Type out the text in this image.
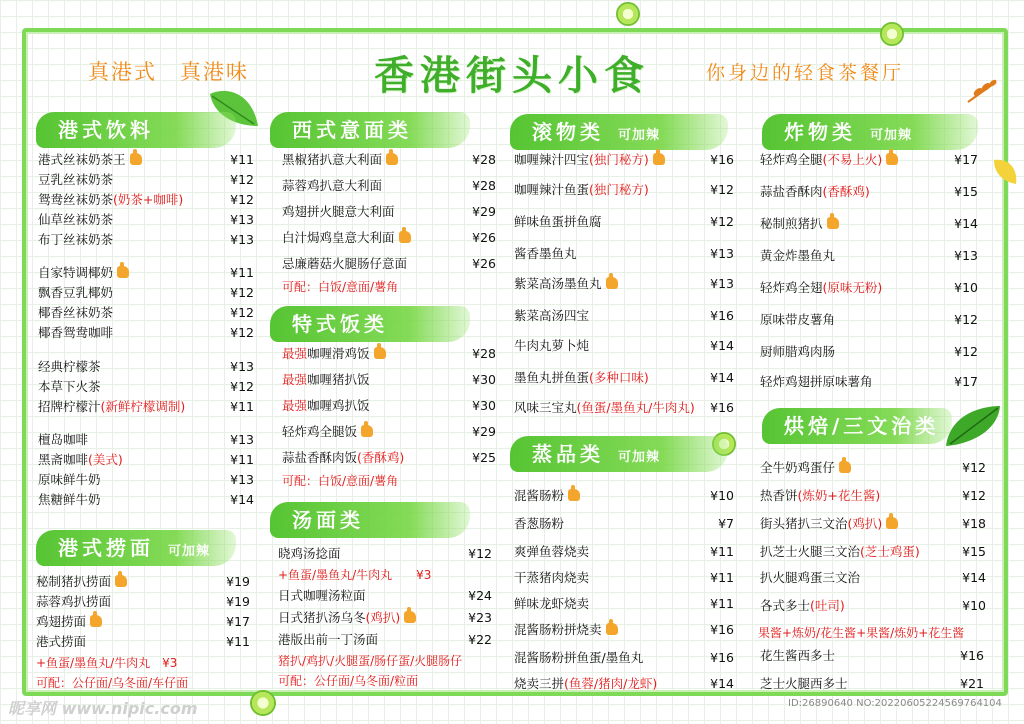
真港式　真港味	香港街头小食	你身边的轻食茶餐厅
港式饮料
港式捞面 可加辣
西式意面类
特式饭类
汤面类
滚物类 可加辣
蒸品类 可加辣
炸物类 可加辣
烘焙/三文治类
+鱼蛋/墨鱼丸/牛肉丸　¥3
可配：公仔面/乌冬面/车仔面
可配：白饭/意面/薯角
可配：白饭/意面/薯角
+鱼蛋/墨鱼丸/牛肉丸　　¥3
猪扒/鸡扒/火腿蛋/肠仔蛋/火腿肠仔
可配：公仔面/乌冬面/粒面
果酱+炼奶/花生酱+果酱/炼奶+花生酱
港式丝袜奶茶王	¥11
豆乳丝袜奶茶	¥12
鸳鸯丝袜奶茶(奶茶+咖啡)	¥12
仙草丝袜奶茶	¥13
布丁丝袜奶茶	¥13
自家特调椰奶	¥11
飘香豆乳椰奶	¥12
椰香丝袜奶茶	¥12
椰香鸳鸯咖啡	¥12
经典柠檬茶	¥13
本草下火茶	¥12
招牌柠檬汁(新鲜柠檬调制)	¥11
檀岛咖啡	¥13
黑斋咖啡(美式)	¥11
原味鲜牛奶	¥13
焦糖鲜牛奶	¥14
秘制猪扒捞面	¥19
蒜蓉鸡扒捞面	¥19
鸡翅捞面	¥17
港式捞面	¥11
黑椒猪扒意大利面	¥28
蒜蓉鸡扒意大利面	¥28
鸡翅拼火腿意大利面	¥29
白汁焗鸡皇意大利面	¥26
忌廉蘑菇火腿肠仔意面	¥26
最强咖喱滑鸡饭	¥28
最强咖喱猪扒饭	¥30
最强咖喱鸡扒饭	¥30
轻炸鸡全腿饭	¥29
蒜盐香酥肉饭(香酥鸡)	¥25
晓鸡汤捻面	¥12
日式咖喱汤粒面	¥24
日式猪扒汤乌冬(鸡扒)	¥23
港版出前一丁汤面	¥22
咖喱辣汁四宝(独门秘方)	¥16
咖喱辣汁鱼蛋(独门秘方)	¥12
鲜味鱼蛋拼鱼腐	¥12
酱香墨鱼丸	¥13
紫菜高汤墨鱼丸	¥13
紫菜高汤四宝	¥16
牛肉丸萝卜炖	¥14
墨鱼丸拼鱼蛋(多种口味)	¥14
风味三宝丸(鱼蛋/墨鱼丸/牛肉丸) ¥16
混酱肠粉	¥10
香葱肠粉	¥7
爽弹鱼蓉烧卖	¥11
干蒸猪肉烧卖	¥11
鲜味龙虾烧卖	¥11
混酱肠粉拼烧卖	¥16
混酱肠粉拼鱼蛋/墨鱼丸	¥16
烧卖三拼(鱼蓉/猪肉/龙虾)	¥14
轻炸鸡全腿(不易上火)	¥17
蒜盐香酥肉(香酥鸡)	¥15
秘制煎猪扒	¥14
黄金炸墨鱼丸	¥13
轻炸鸡全翅(原味无粉)	¥10
原味带皮薯角	¥12
厨师腊鸡肉肠	¥12
轻炸鸡翅拼原味薯角	¥17
全牛奶鸡蛋仔	¥12
热香饼(炼奶+花生酱)	¥12
街头猪扒三文治(鸡扒)	¥18
扒芝士火腿三文治(芝士鸡蛋)	¥15
扒火腿鸡蛋三文治	¥14
各式多士(吐司)	¥10
花生酱西多士	¥16
芝士火腿西多士	¥21
昵享网 www.nipic.com	ID:26890640 NO:20220605224569764104
